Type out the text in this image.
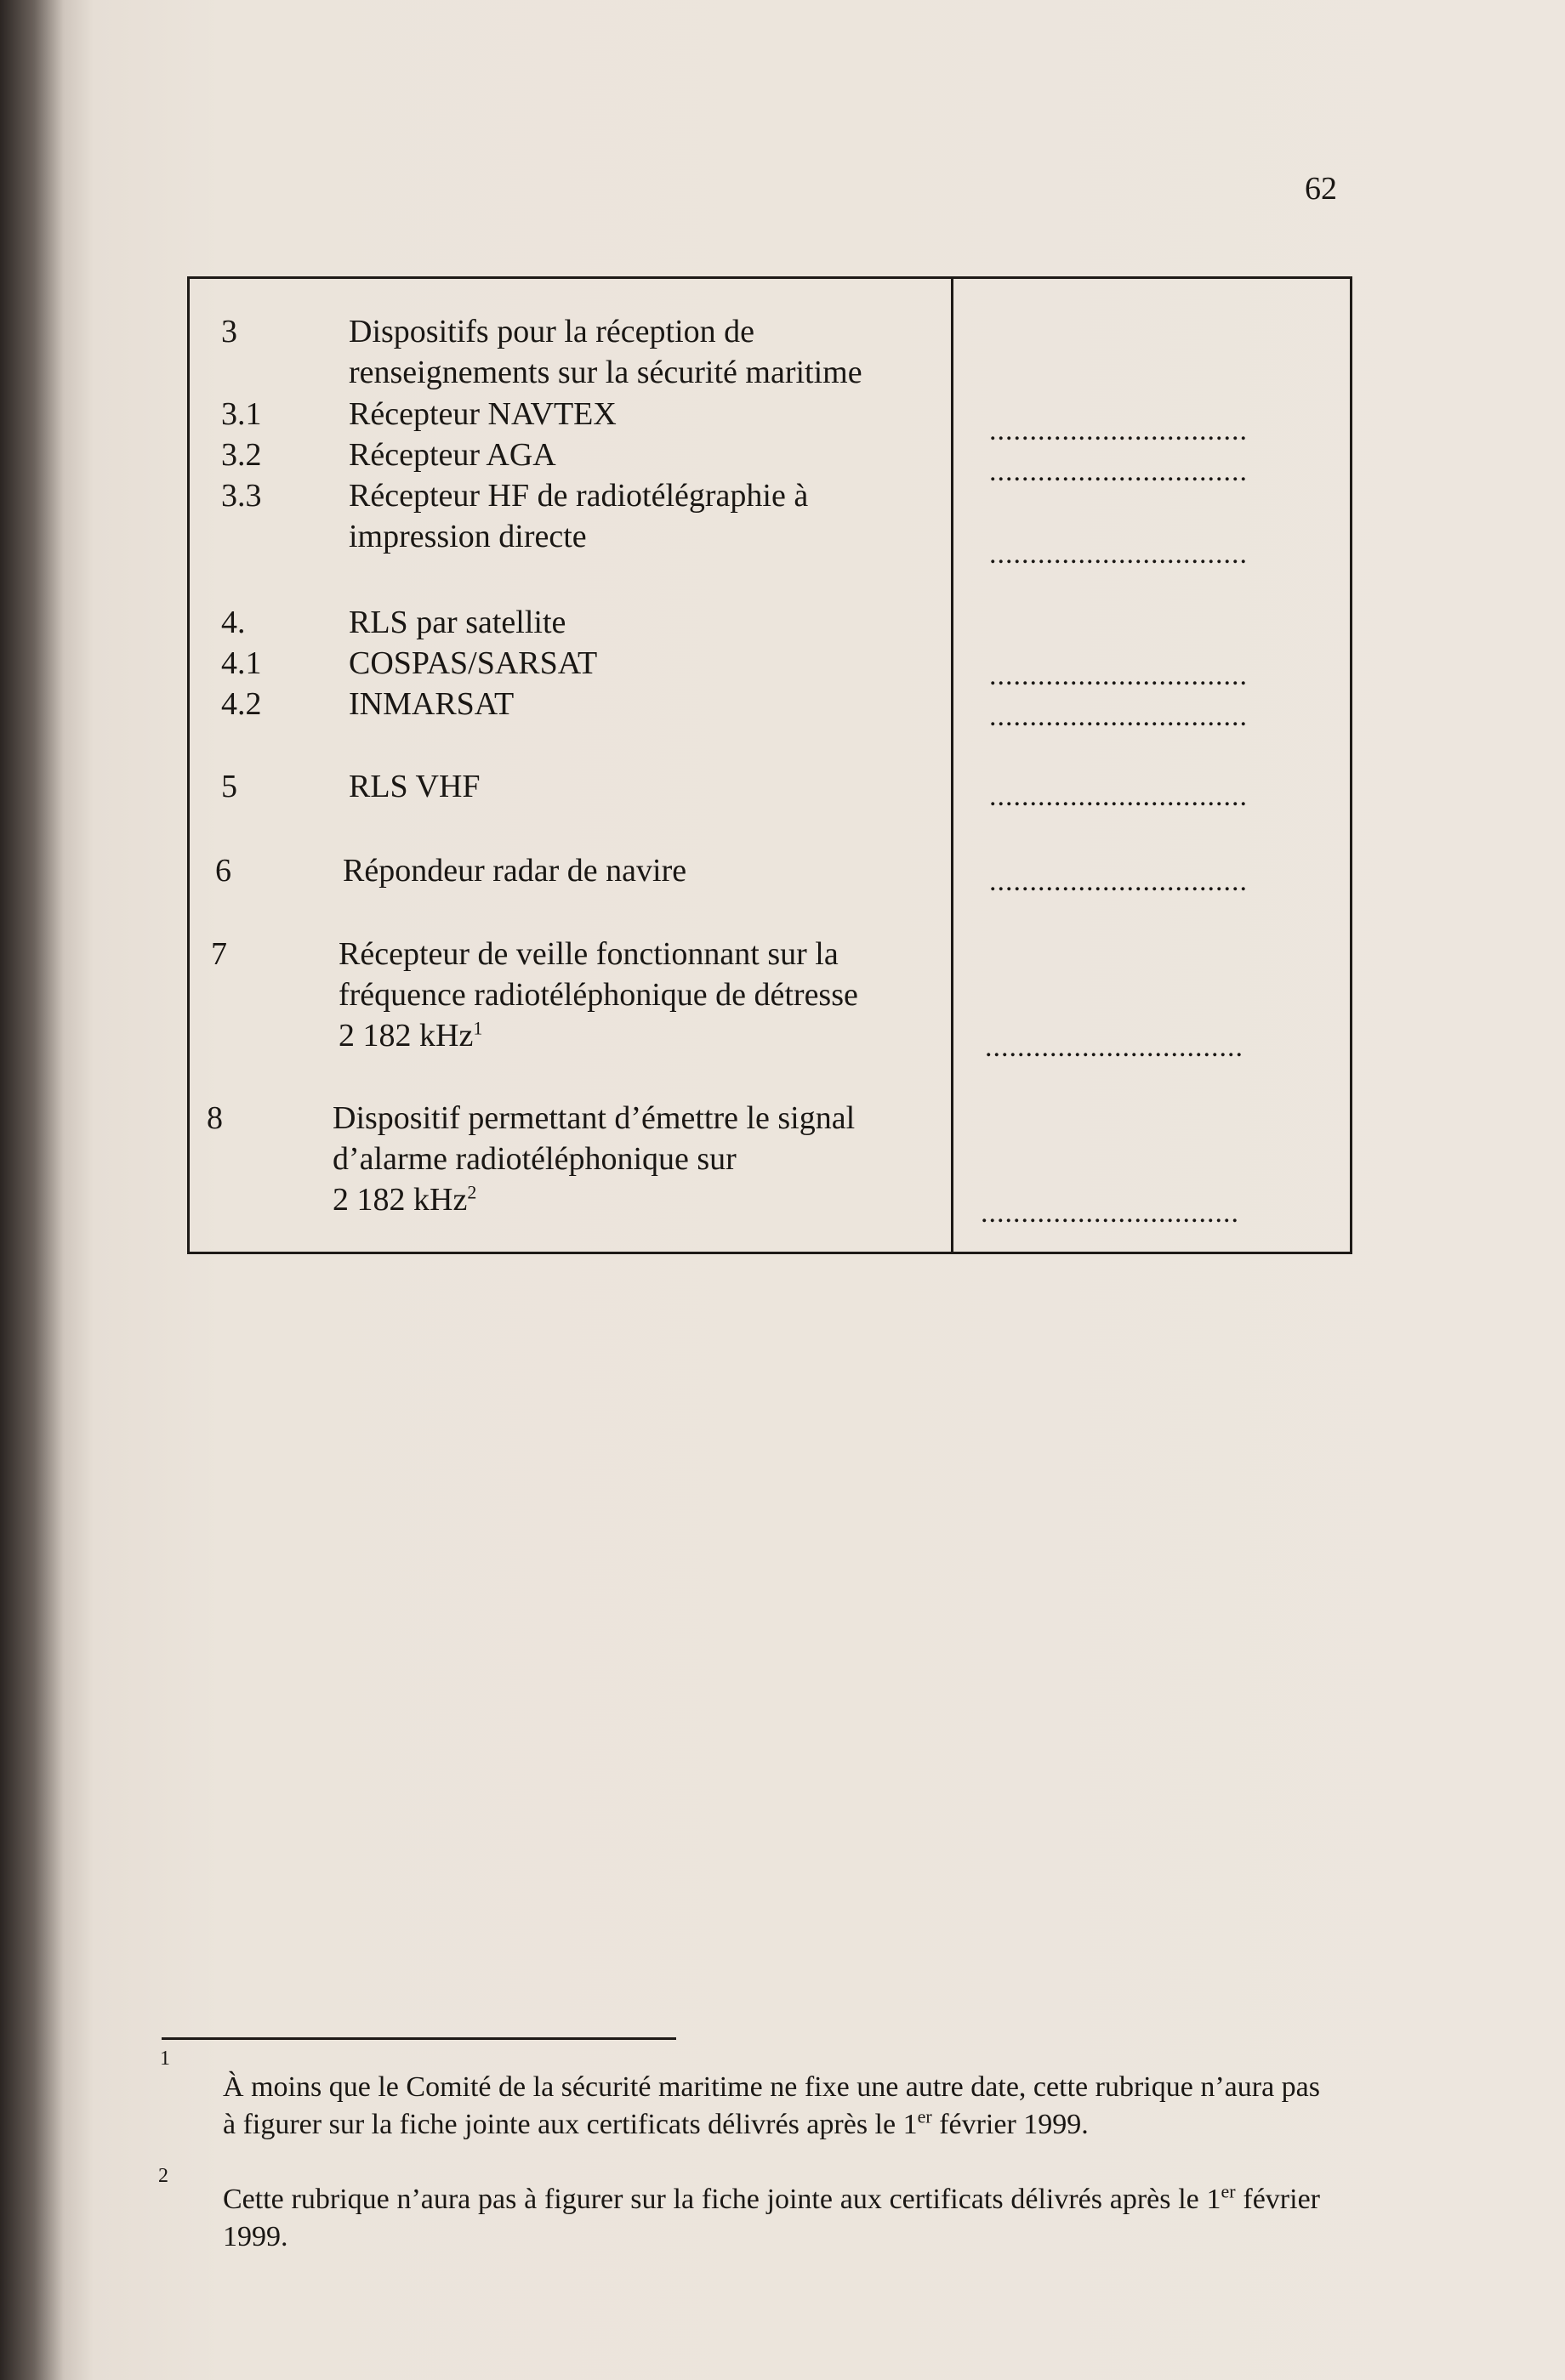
62
3	Dispositifs pour la réception de
renseignements sur la sécurité maritime
3.1	Récepteur NAVTEX	................................
3.2	Récepteur AGA	................................
3.3	Récepteur HF de radiotélégraphie à
impression directe	................................
4.	RLS par satellite
4.1	COSPAS/SARSAT	................................
4.2	INMARSAT	................................
5	RLS VHF	................................
6	Répondeur radar de navire	................................
7	Récepteur de veille fonctionnant sur la
fréquence radiotéléphonique de détresse
2 182 kHz$^1$
................................
8	Dispositif permettant d’émettre le signal
d’alarme radiotéléphonique sur
2 182 kHz$^2$
................................
1
À moins que le Comité de la sécurité maritime ne fixe une autre date, cette rubrique n’aura pas à figurer sur la fiche jointe aux certificats délivrés après le 1er février 1999.
2
Cette rubrique n’aura pas à figurer sur la fiche jointe aux certificats délivrés après le 1er février 1999.
